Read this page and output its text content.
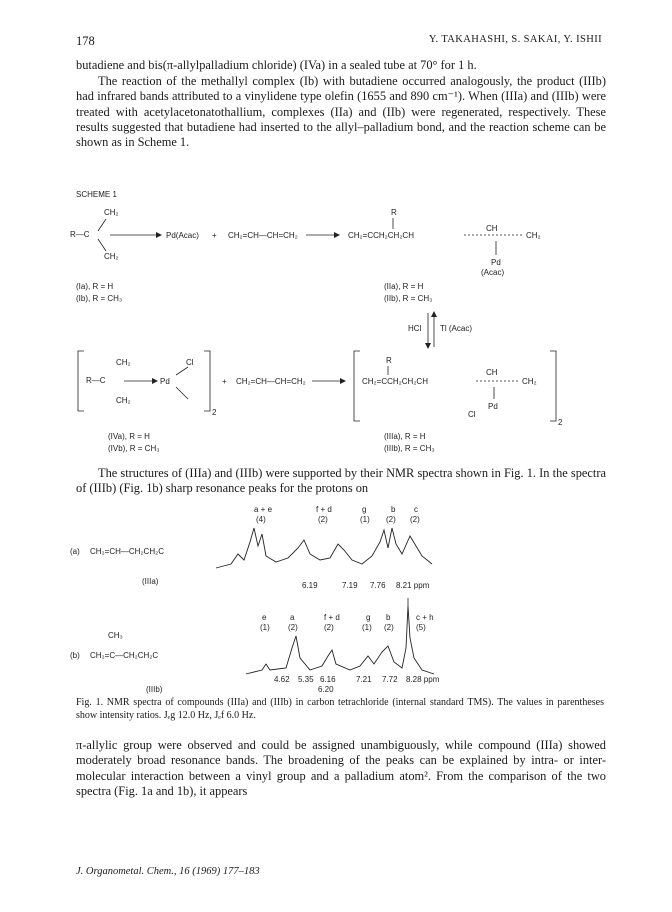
178	Y. TAKAHASHI, S. SAKAI, Y. ISHII
butadiene and bis(π-allylpalladium chloride) (IVa) in a sealed tube at 70° for 1 h.
The reaction of the methallyl complex (Ib) with butadiene occurred analogously, the product (IIIb) had infrared bands attributed to a vinylidene type olefin (1655 and 890 cm⁻¹). When (IIIa) and (IIIb) were treated with acetylacetonatothallium, complexes (IIa) and (IIb) were regenerated, respectively. These results suggested that butadiene had inserted to the allyl–palladium bond, and the reaction scheme can be shown as in Scheme 1.
SCHEME 1
CH₂
R—C
CH₂
Pd(Acac) + CH₂=CH—CH=CH₂
R
CH₂=CCH₂CH₂CH
CH
CH₂
Pd
(Acac)
(Ia), R = H
(Ib), R = CH₃
(IIa), R = H
(IIb), R = CH₃
HCl Tl (Acac)
2
CH₂
R—C
CH₂
Pd
Cl
+ CH₂=CH—CH=CH₂
2
R
CH₂=CCH₂CH₂CH
CH
CH₂
Pd
Cl
(IVa), R = H
(IVb), R = CH₃
(IIIa), R = H
(IIIb), R = CH₃
The structures of (IIIa) and (IIIb) were supported by their NMR spectra shown in Fig. 1. In the spectra of (IIIb) (Fig. 1b) sharp resonance peaks for the protons on
(a) CH₂=CH—CH₂CH₂C
(IIIa)
a + e	f + d	g	b c
(4)	(2)	(1) (2) (2)
6.19	7.19 7.76 8.21 ppm
(b)
CH₃
CH₂=C—CH₂CH₂C
(IIIb)
e	a	f + d	g b	c + h
(1) (2)	(2)	(1) (2)	(5)
4.62 5.35 6.16
6.20
7.21 7.72 8.28 ppm
Fig. 1. NMR spectra of compounds (IIIa) and (IIIb) in carbon tetrachloride (internal standard TMS). The values in parentheses show intensity ratios. Jₑg 12.0 Hz, Jₑf 6.0 Hz.
π-allylic group were observed and could be assigned unambiguously, while compound (IIIa) showed moderately broad resonance bands. The broadening of the peaks can be explained by intra- or inter-molecular interaction between a vinyl group and a palladium atom². From the comparison of the two spectra (Fig. 1a and 1b), it appears
J. Organometal. Chem., 16 (1969) 177–183
